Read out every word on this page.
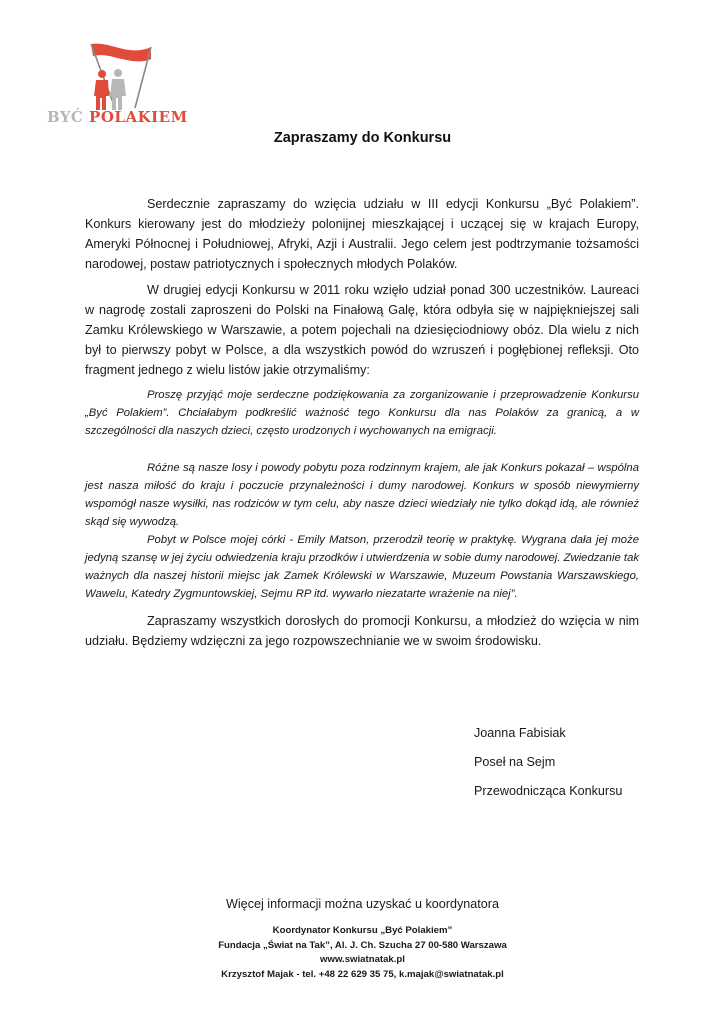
BYĆ POLAKIEM
Zapraszamy do Konkursu

Serdecznie zapraszamy do wzięcia udziału w III edycji Konkursu „Być Polakiem”. Konkurs kierowany jest do młodzieży polonijnej mieszkającej i uczącej się w krajach Europy, Ameryki Północnej i Południowej, Afryki, Azji i Australii. Jego celem jest podtrzymanie tożsamości narodowej, postaw patriotycznych i społecznych młodych Polaków.

W drugiej edycji Konkursu w 2011 roku wzięło udział ponad 300 uczestników. Laureaci w nagrodę zostali zaproszeni do Polski na Finałową Galę, która odbyła się w najpiękniejszej sali Zamku Królewskiego w Warszawie, a potem pojechali na dziesięciodniowy obóz. Dla wielu z nich był to pierwszy pobyt w Polsce, a dla wszystkich powód do wzruszeń i pogłębionej refleksji. Oto fragment jednego z wielu listów jakie otrzymaliśmy:

Proszę przyjąć moje serdeczne podziękowania za zorganizowanie i przeprowadzenie Konkursu „Być Polakiem”. Chciałabym podkreślić ważność tego Konkursu dla nas Polaków za granicą, a w szczególności dla naszych dzieci, często urodzonych i wychowanych na emigracji.

Różne są nasze losy i powody pobytu poza rodzinnym krajem, ale jak Konkurs pokazał – wspólna jest nasza miłość do kraju i poczucie przynależności i dumy narodowej. Konkurs w sposób niewymierny wspomógł nasze wysiłki, nas rodziców w tym celu, aby nasze dzieci wiedziały nie tylko dokąd idą, ale również skąd się wywodzą.

Pobyt w Polsce mojej córki - Emily Matson, przerodził teorię w praktykę. Wygrana dała jej może jedyną szansę w jej życiu odwiedzenia kraju przodków i utwierdzenia w sobie dumy narodowej. Zwiedzanie tak ważnych dla naszej historii miejsc jak Zamek Królewski w Warszawie, Muzeum Powstania Warszawskiego, Wawelu, Katedry Zygmuntowskiej, Sejmu RP itd. wywarło niezatarte wrażenie na niej”.

Zapraszamy wszystkich dorosłych do promocji Konkursu, a młodzież do wzięcia w nim udziału. Będziemy wdzięczni za jego rozpowszechnianie we w swoim środowisku.

Joanna Fabisiak
Poseł na Sejm
Przewodnicząca Konkursu
Więcej informacji można uzyskać u koordynatora
Koordynator Konkursu „Być Polakiem”
Fundacja „Świat na Tak”, Al. J. Ch. Szucha 27 00-580 Warszawa
www.swiatnatak.pl
Krzysztof Majak - tel. +48 22 629 35 75, k.majak@swiatnatak.pl
